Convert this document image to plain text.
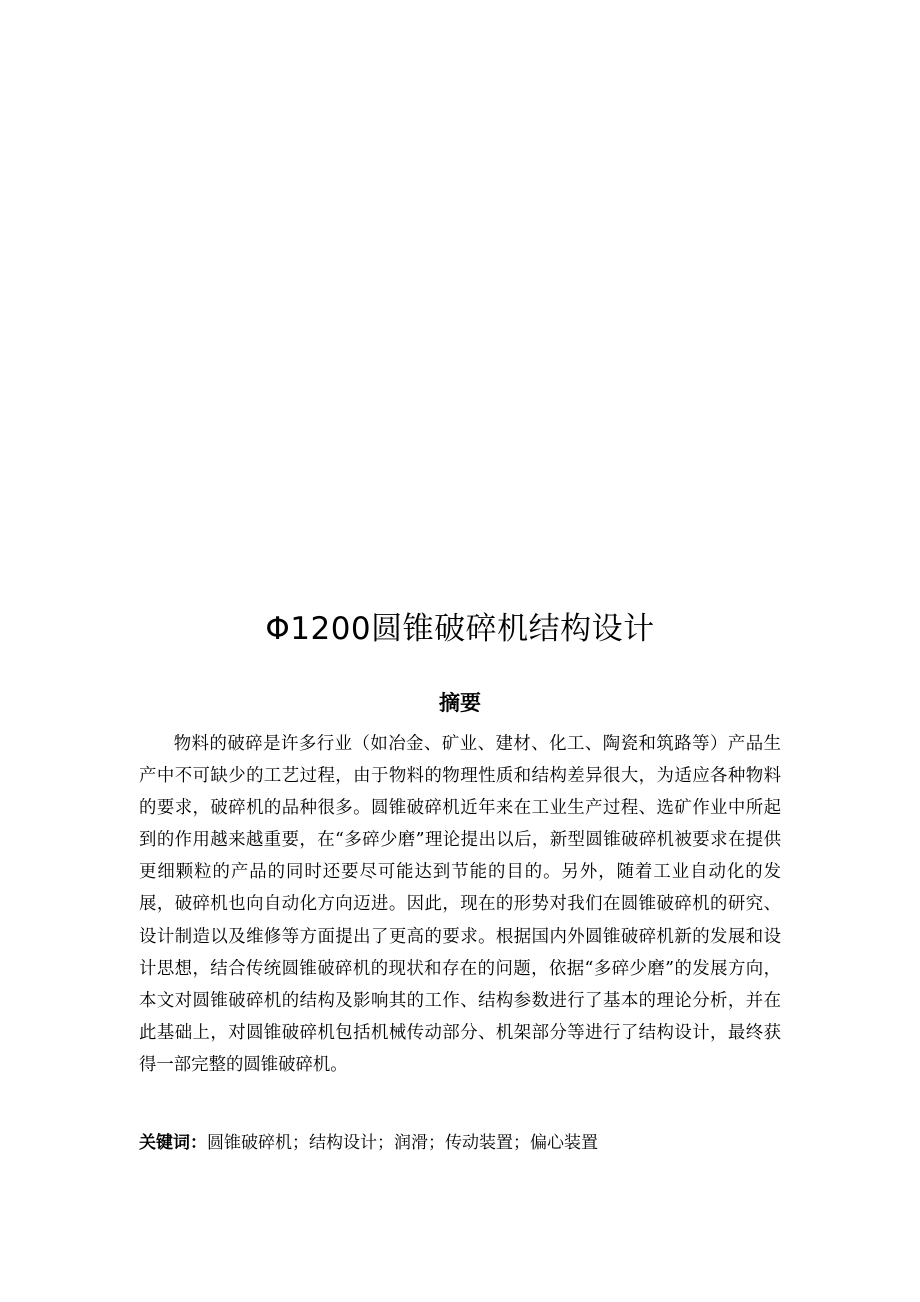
Φ1200圆锥破碎机结构设计
摘要

物料的破碎是许多行业（如冶金、矿业、建材、化工、陶瓷和筑路等）产品生产中不可缺少的工艺过程，由于物料的物理性质和结构差异很大，为适应各种物料的要求，破碎机的品种很多。圆锥破碎机近年来在工业生产过程、选矿作业中所起到的作用越来越重要，在“多碎少磨”理论提出以后，新型圆锥破碎机被要求在提供更细颗粒的产品的同时还要尽可能达到节能的目的。另外，随着工业自动化的发展，破碎机也向自动化方向迈进。因此，现在的形势对我们在圆锥破碎机的研究、设计制造以及维修等方面提出了更高的要求。根据国内外圆锥破碎机新的发展和设计思想，结合传统圆锥破碎机的现状和存在的问题，依据“多碎少磨”的发展方向，本文对圆锥破碎机的结构及影响其的工作、结构参数进行了基本的理论分析，并在此基础上，对圆锥破碎机包括机械传动部分、机架部分等进行了结构设计，最终获得一部完整的圆锥破碎机。

关键词：圆锥破碎机；结构设计；润滑；传动装置；偏心装置
